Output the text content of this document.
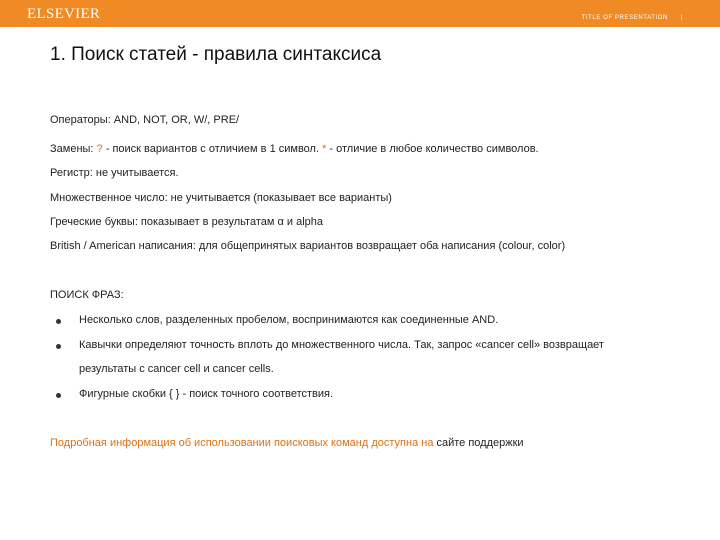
ELSEVIER	TITLE OF PRESENTATION |
1. Поиск статей - правила синтаксиса
Операторы: AND, NOT, OR, W/, PRE/
Замены: ? - поиск вариантов с отличием в 1 символ. * - отличие в любое количество символов.
Регистр: не учитывается.
Множественное число: не учитывается (показывает все варианты)
Греческие буквы: показывает в результатам α и alpha
British / American написания: для общепринятых вариантов возвращает оба написания (colour, color)
ПОИСК ФРАЗ:
Несколько слов, разделенных пробелом, воспринимаются как соединенные AND.
Кавычки определяют точность вплоть до множественного числа. Так, запрос «cancer cell» возвращает
результаты с cancer cell и cancer cells.
Фигурные скобки { } - поиск точного соответствия.
Подробная информация об использовании поисковых команд доступна на сайте поддержки
